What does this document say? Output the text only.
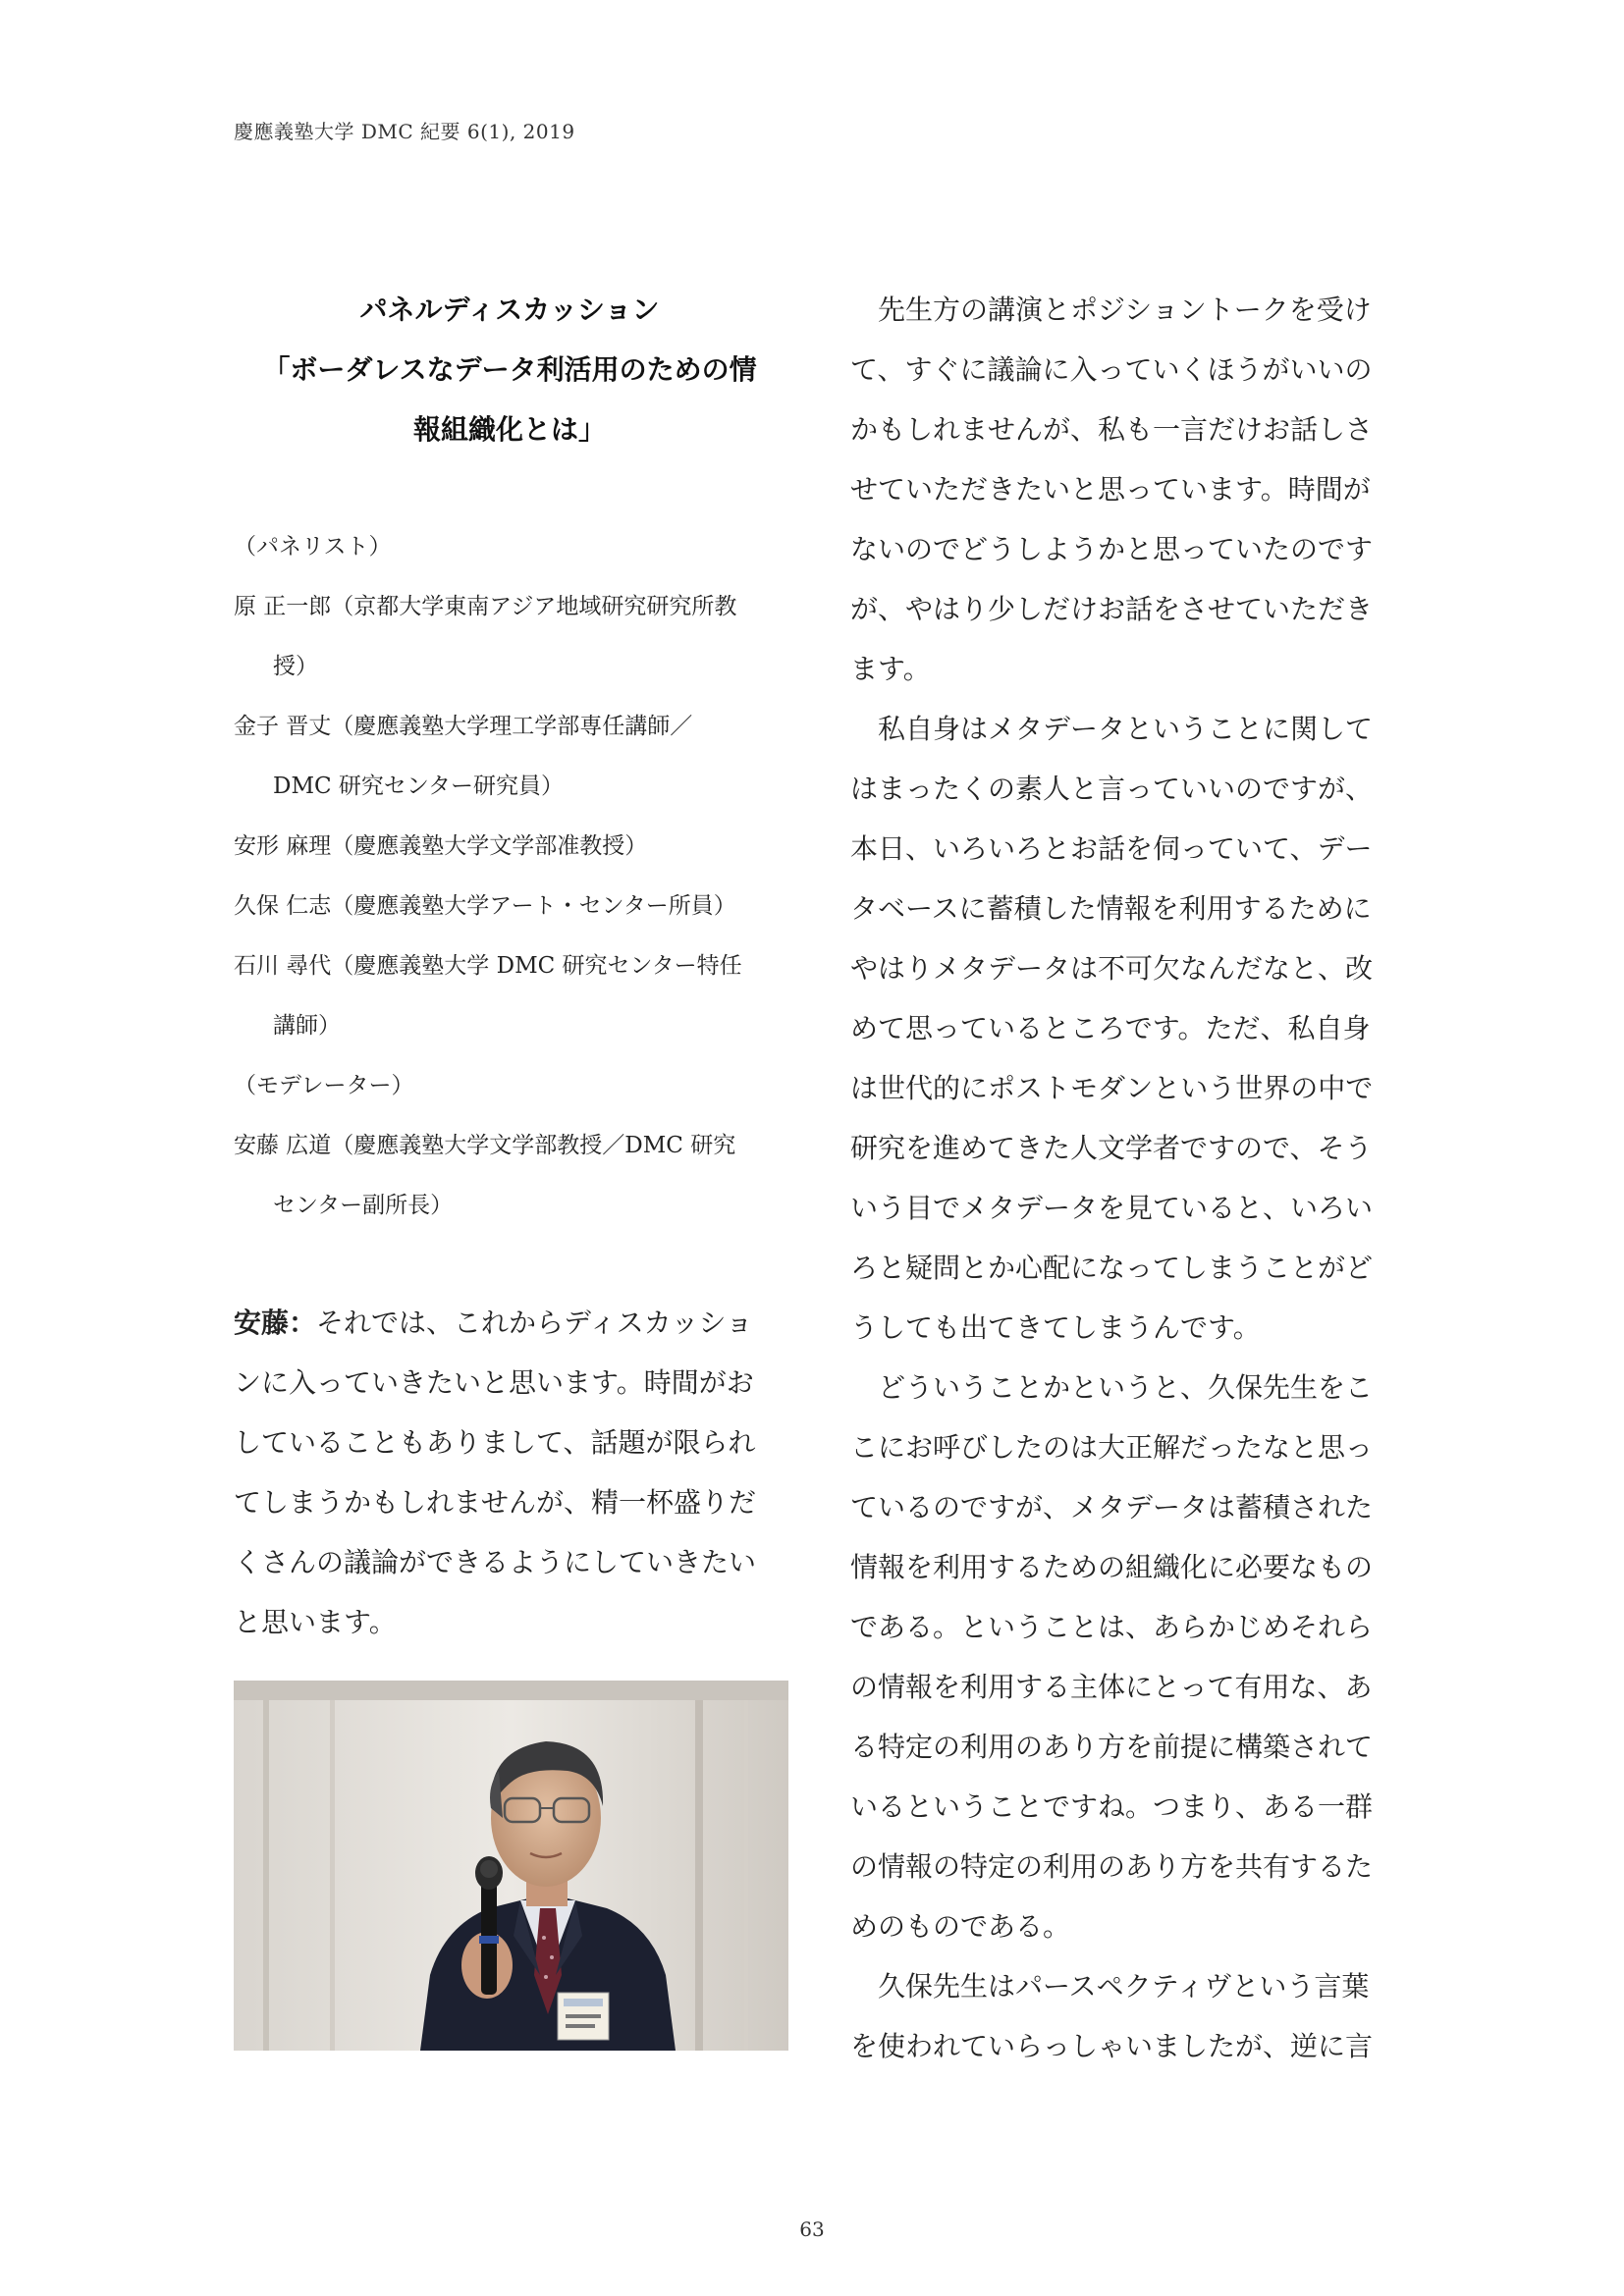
慶應義塾大学 DMC 紀要 6(1), 2019
パネルディスカッション
「ボーダレスなデータ利活用のための情
報組織化とは」
（パネリスト）
原 正一郎（京都大学東南アジア地域研究研究所教
授）
金子 晋丈（慶應義塾大学理工学部専任講師／
DMC 研究センター研究員）
安形 麻理（慶應義塾大学文学部准教授）
久保 仁志（慶應義塾大学アート・センター所員）
石川 尋代（慶應義塾大学 DMC 研究センター特任
講師）
（モデレーター）
安藤 広道（慶應義塾大学文学部教授／DMC 研究
センター副所長）
安藤：それでは、これからディスカッショ
ンに入っていきたいと思います。時間がお
していることもありまして、話題が限られ
てしまうかもしれませんが、精一杯盛りだ
くさんの議論ができるようにしていきたい
と思います。
　先生方の講演とポジショントークを受け
て、すぐに議論に入っていくほうがいいの
かもしれませんが、私も一言だけお話しさ
せていただきたいと思っています。時間が
ないのでどうしようかと思っていたのです
が、やはり少しだけお話をさせていただき
ます。
　私自身はメタデータということに関して
はまったくの素人と言っていいのですが、
本日、いろいろとお話を伺っていて、デー
タベースに蓄積した情報を利用するために
やはりメタデータは不可欠なんだなと、改
めて思っているところです。ただ、私自身
は世代的にポストモダンという世界の中で
研究を進めてきた人文学者ですので、そう
いう目でメタデータを見ていると、いろい
ろと疑問とか心配になってしまうことがど
うしても出てきてしまうんです。
　どういうことかというと、久保先生をこ
こにお呼びしたのは大正解だったなと思っ
ているのですが、メタデータは蓄積された
情報を利用するための組織化に必要なもの
である。ということは、あらかじめそれら
の情報を利用する主体にとって有用な、あ
る特定の利用のあり方を前提に構築されて
いるということですね。つまり、ある一群
の情報の特定の利用のあり方を共有するた
めのものである。
　久保先生はパースペクティヴという言葉
を使われていらっしゃいましたが、逆に言
63
